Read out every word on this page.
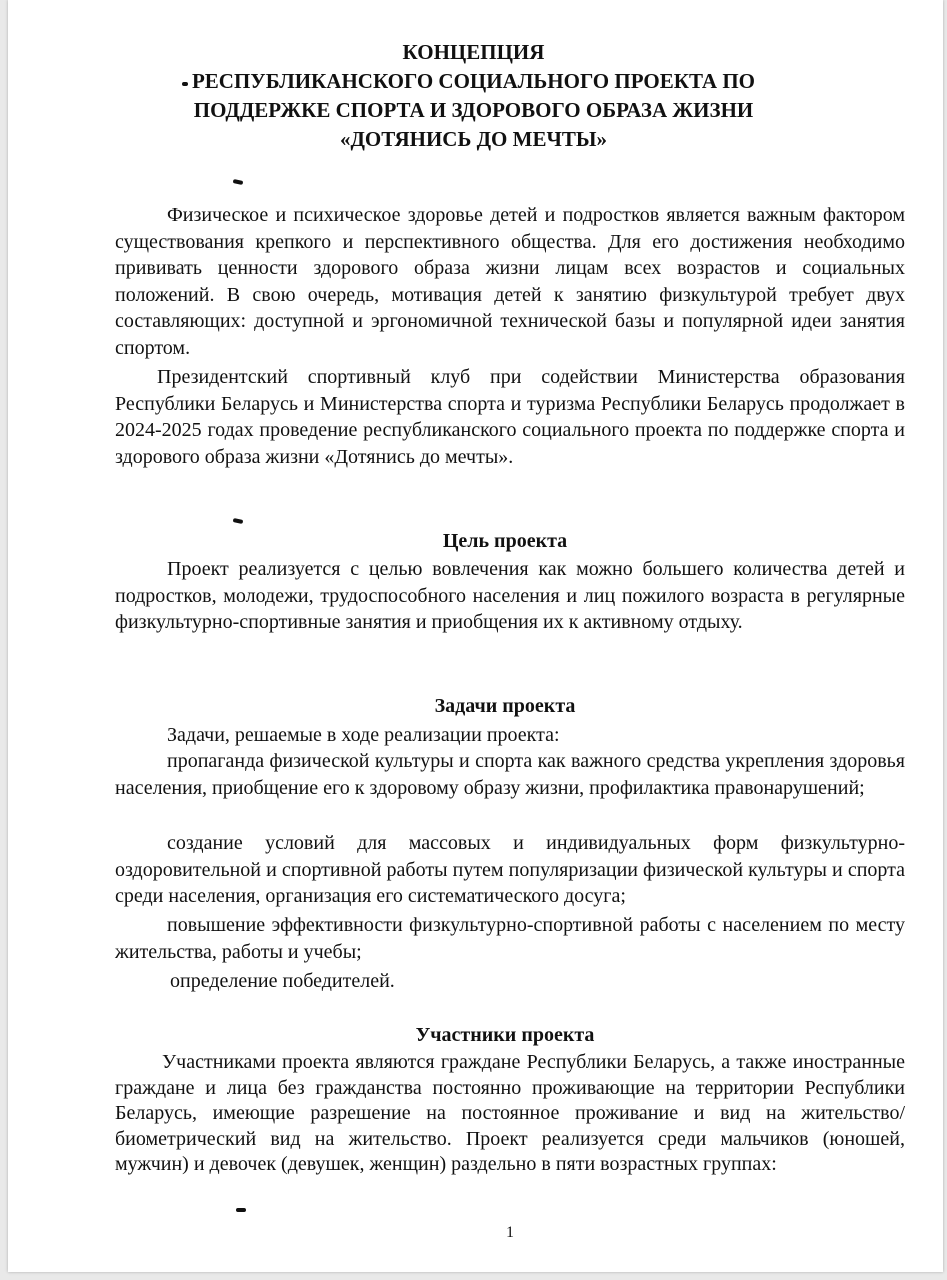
КОНЦЕПЦИЯ
РЕСПУБЛИКАНСКОГО СОЦИАЛЬНОГО ПРОЕКТА ПО
ПОДДЕРЖКЕ СПОРТА И ЗДОРОВОГО ОБРАЗА ЖИЗНИ
«ДОТЯНИСЬ ДО МЕЧТЫ»
Физическое и психическое здоровье детей и подростков является важным фактором существования крепкого и перспективного общества. Для его достижения необходимо прививать ценности здорового образа жизни лицам всех возрастов и социальных положений. В свою очередь, мотивация детей к занятию физкультурой требует двух составляющих: доступной и эргономичной технической базы и популярной идеи занятия спортом.
Президентский спортивный клуб при содействии Министерства образования Республики Беларусь и Министерства спорта и туризма Республики Беларусь продолжает в 2024-2025 годах проведение республиканского социального проекта по поддержке спорта и здорового образа жизни «Дотянись до мечты».
Цель проекта
Проект реализуется с целью вовлечения как можно большего количества детей и подростков, молодежи, трудоспособного населения и лиц пожилого возраста в регулярные физкультурно-спортивные занятия и приобщения их к активному отдыху.
Задачи проекта
Задачи, решаемые в ходе реализации проекта:
пропаганда физической культуры и спорта как важного средства укрепления здоровья населения, приобщение его к здоровому образу жизни, профилактика правонарушений;
создание условий для массовых и индивидуальных форм физкультурно-оздоровительной и спортивной работы путем популяризации физической культуры и спорта среди населения, организация его систематического досуга;
повышение эффективности физкультурно-спортивной работы с населением по месту жительства, работы и учебы;
определение победителей.
Участники проекта
Участниками проекта являются граждане Республики Беларусь, а также иностранные граждане и лица без гражданства постоянно проживающие на территории Республики Беларусь, имеющие разрешение на постоянное проживание и вид на жительство/биометрический вид на жительство. Проект реализуется среди мальчиков (юношей, мужчин) и девочек (девушек, женщин) раздельно в пяти возрастных группах:
1
